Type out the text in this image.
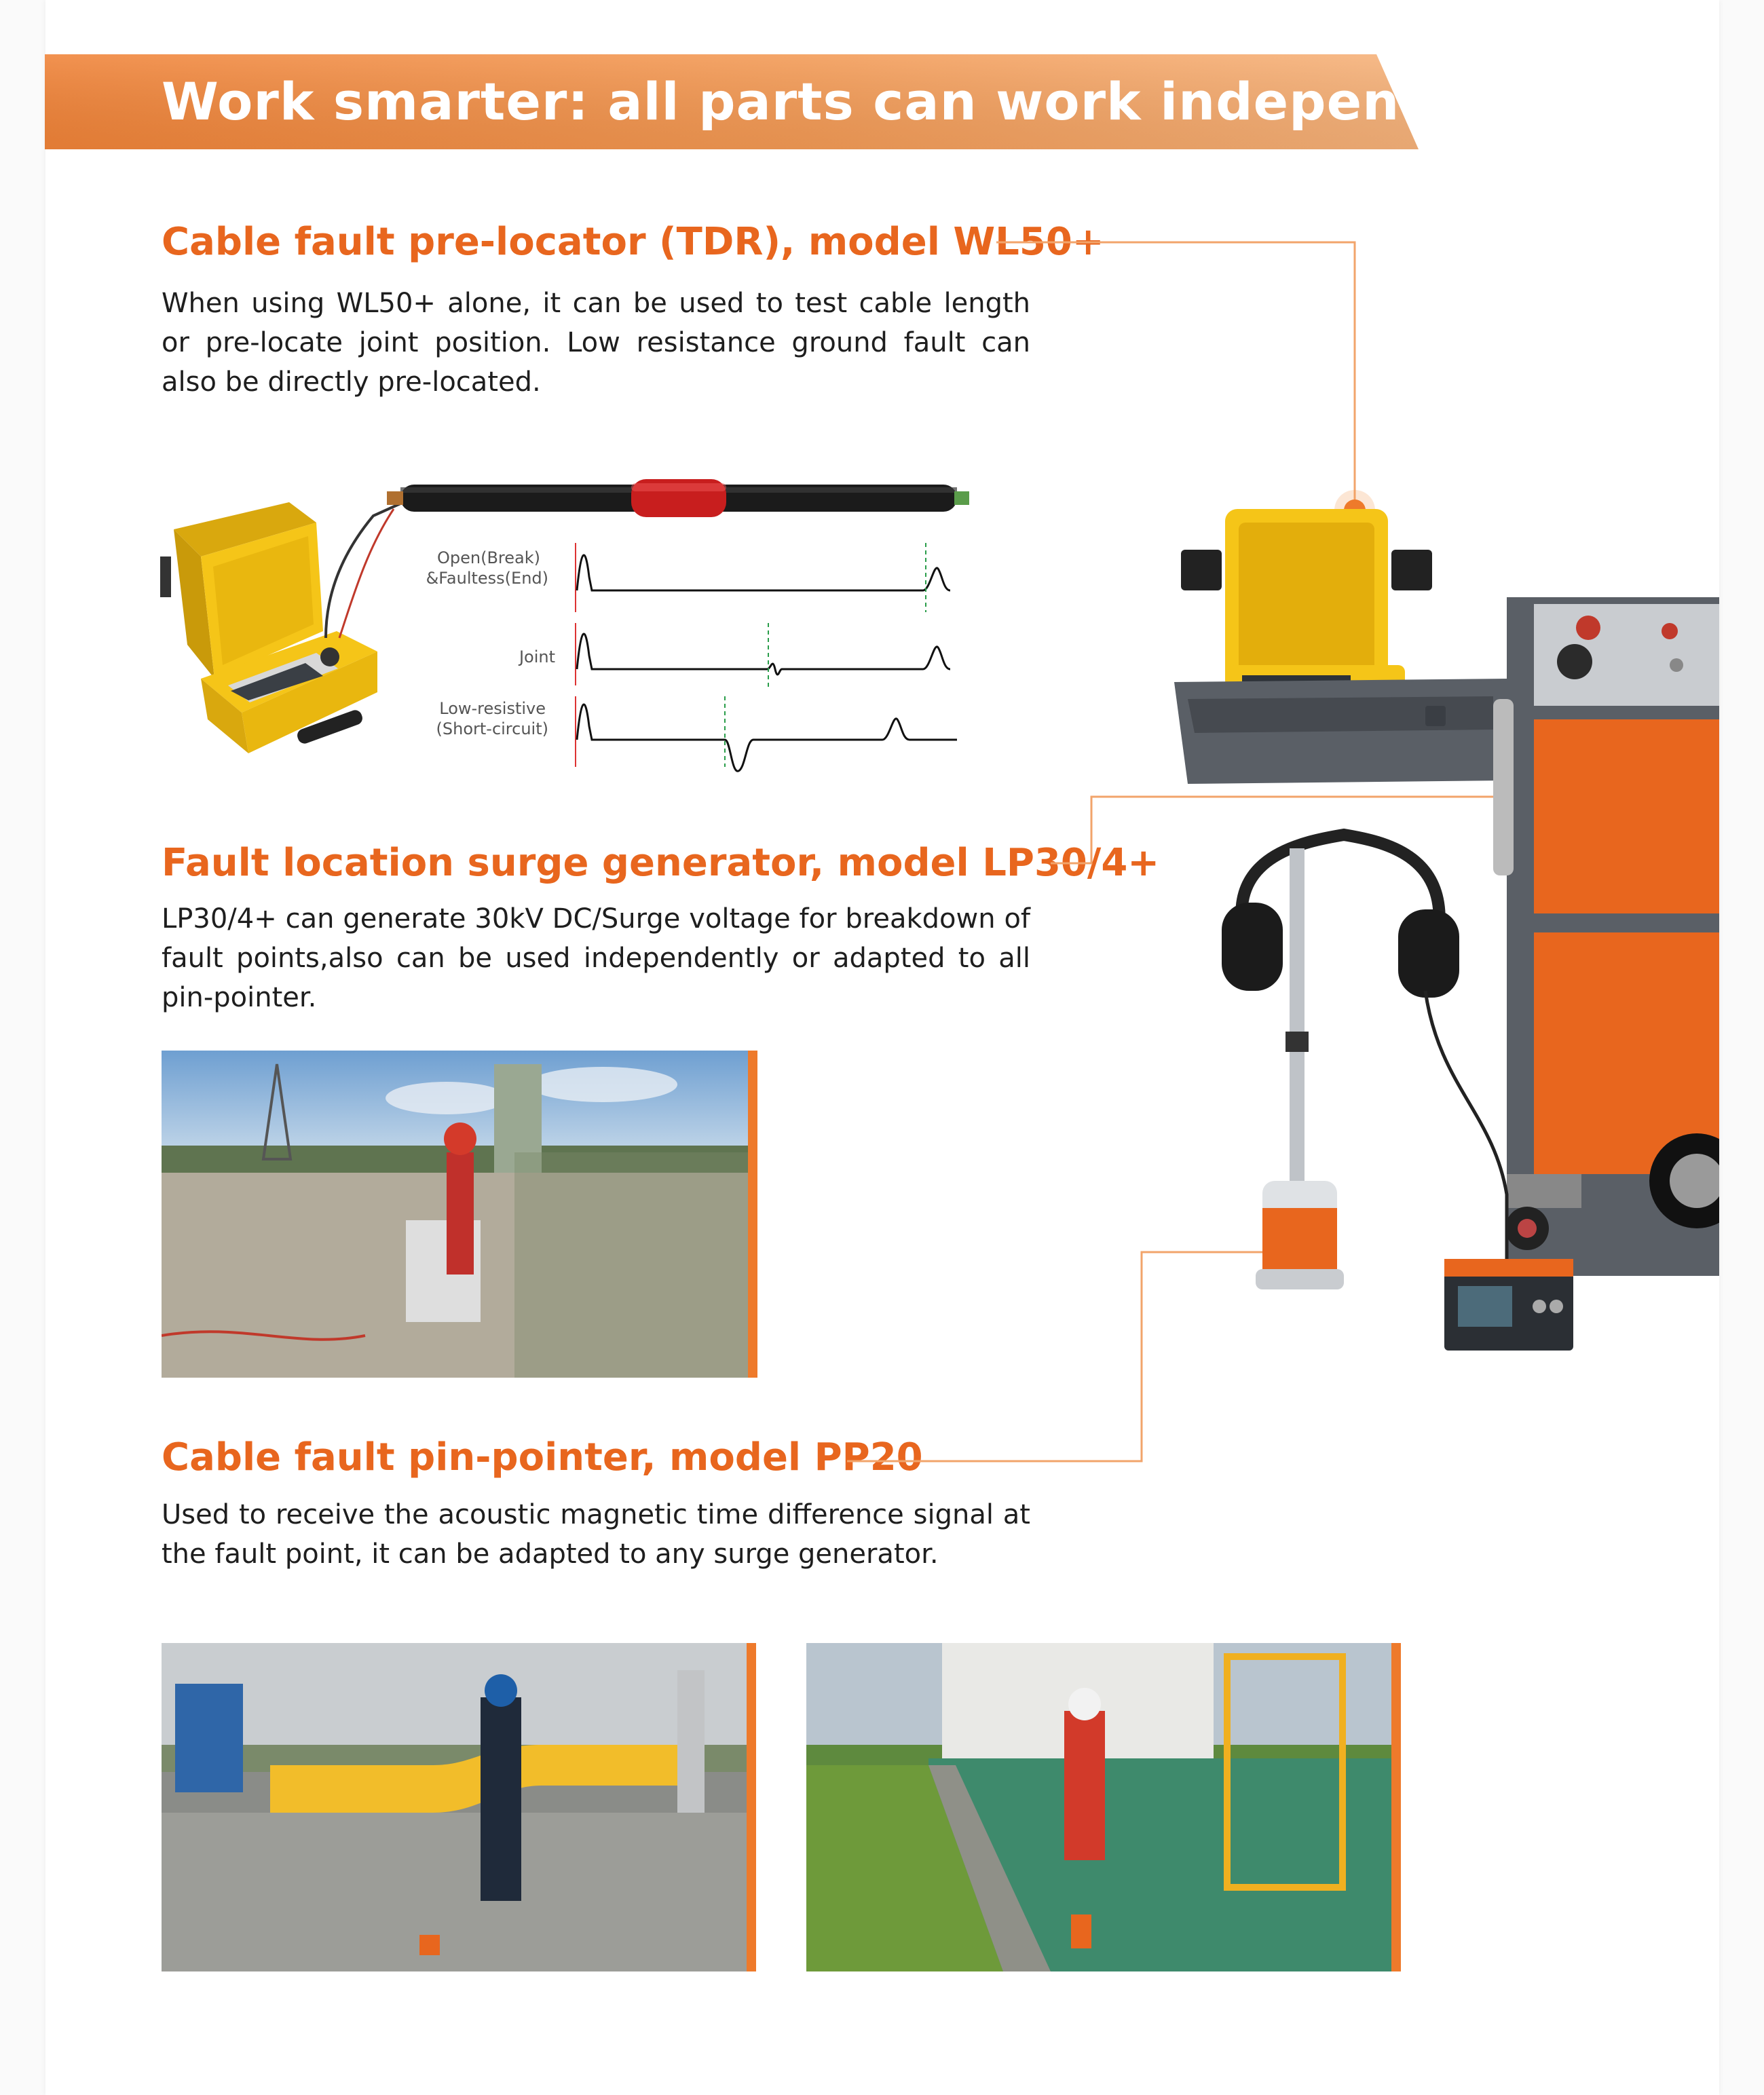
Work smarter: all parts can work independently
Cable fault pre-locator (TDR), model WL50+
When using WL50+ alone, it can be used to test cable length or pre-locate joint position. Low resistance ground fault can also be directly pre-located.
Fault location surge generator, model LP30/4+
LP30/4+ can generate 30kV DC/Surge voltage for breakdown of fault points,also can be used independently or adapted to all pin-pointer.
Cable fault pin-pointer, model PP20
Used to receive the acoustic magnetic time difference signal at the fault point, it can be adapted to any surge generator.
Open(Break)
&Faultess(End)
Joint
Low-resistive
(Short-circuit)
